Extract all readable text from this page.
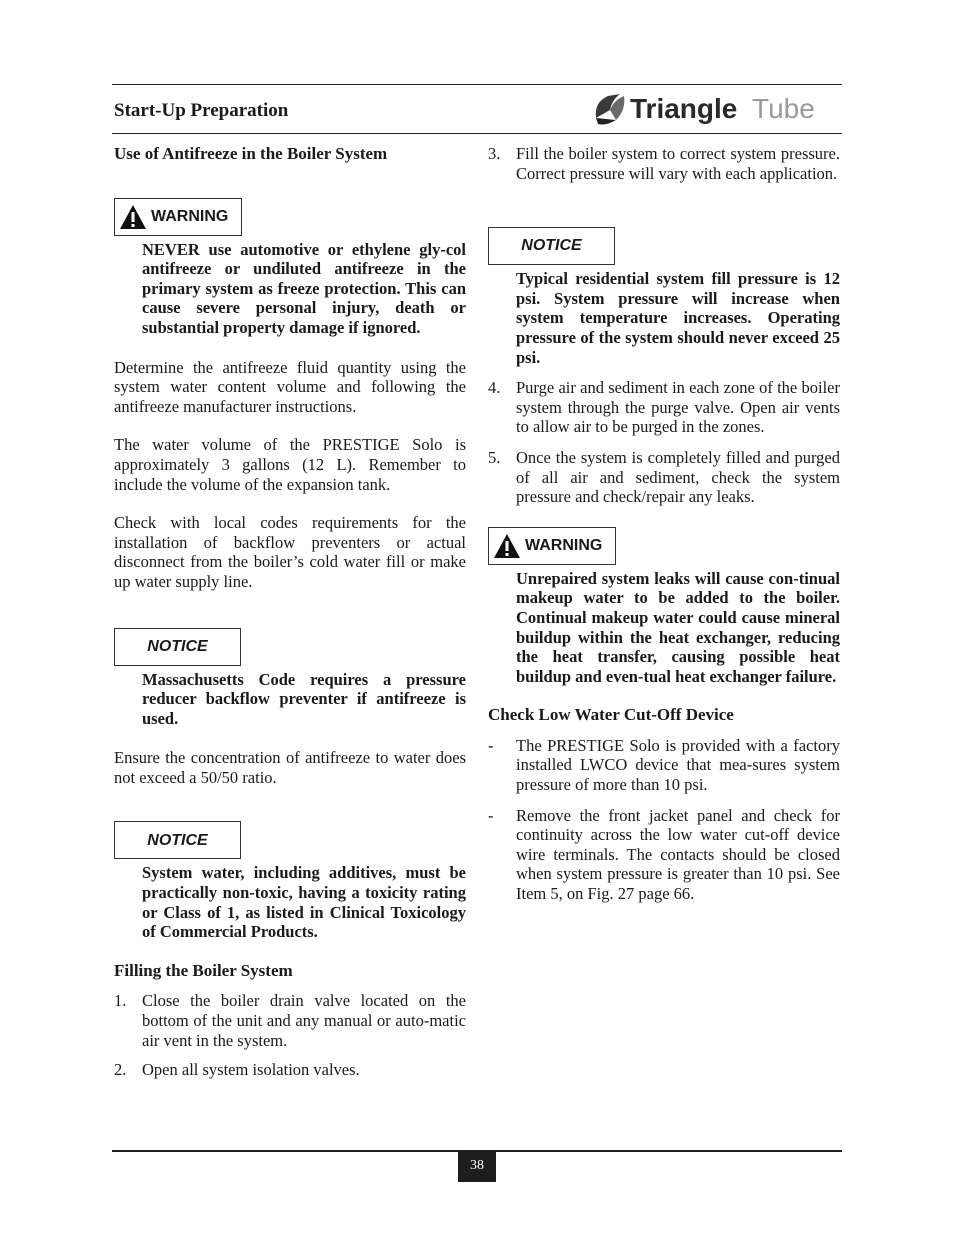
Start-Up Preparation	Triangle Tube

Use of Antifreeze in the Boiler System

WARNING

NEVER use automotive or ethylene gly-col antifreeze or undiluted antifreeze in the primary system as freeze protection. This can cause severe personal injury, death or substantial property damage if ignored.

Determine the antifreeze fluid quantity using the system water content volume and following the antifreeze manufacturer instructions.

The water volume of the PRESTIGE Solo is approximately 3 gallons (12 L). Remember to include the volume of the expansion tank.

Check with local codes requirements for the installation of backflow preventers or actual disconnect from the boiler’s cold water fill or make up water supply line.

NOTICE

Massachusetts Code requires a pressure reducer backflow preventer if antifreeze is used.

Ensure the concentration of antifreeze to water does not exceed a 50/50 ratio.

NOTICE

System water, including additives, must be practically non-toxic, having a toxicity rating or Class of 1, as listed in Clinical Toxicology of Commercial Products.

Filling the Boiler System

1. Close the boiler drain valve located on the bottom of the unit and any manual or auto-matic air vent in the system.
2. Open all system isolation valves.
3. Fill the boiler system to correct system pressure. Correct pressure will vary with each application.
NOTICE

Typical residential system fill pressure is 12 psi. System pressure will increase when system temperature increases. Operating pressure of the system should never exceed 25 psi.

4. Purge air and sediment in each zone of the boiler system through the purge valve. Open air vents to allow air to be purged in the zones.
5. Once the system is completely filled and purged of all air and sediment, check the system pressure and check/repair any leaks.
WARNING

Unrepaired system leaks will cause con-tinual makeup water to be added to the boiler. Continual makeup water could cause mineral buildup within the heat exchanger, reducing the heat transfer, causing possible heat buildup and even-tual heat exchanger failure.

Check Low Water Cut-Off Device

-	The PRESTIGE Solo is provided with a factory installed LWCO device that mea-sures system pressure of more than 10 psi.
-	Remove the front jacket panel and check for continuity across the low water cut-off device wire terminals. The contacts should be closed when system pressure is greater than 10 psi. See Item 5, on Fig. 27 page 66.
38
